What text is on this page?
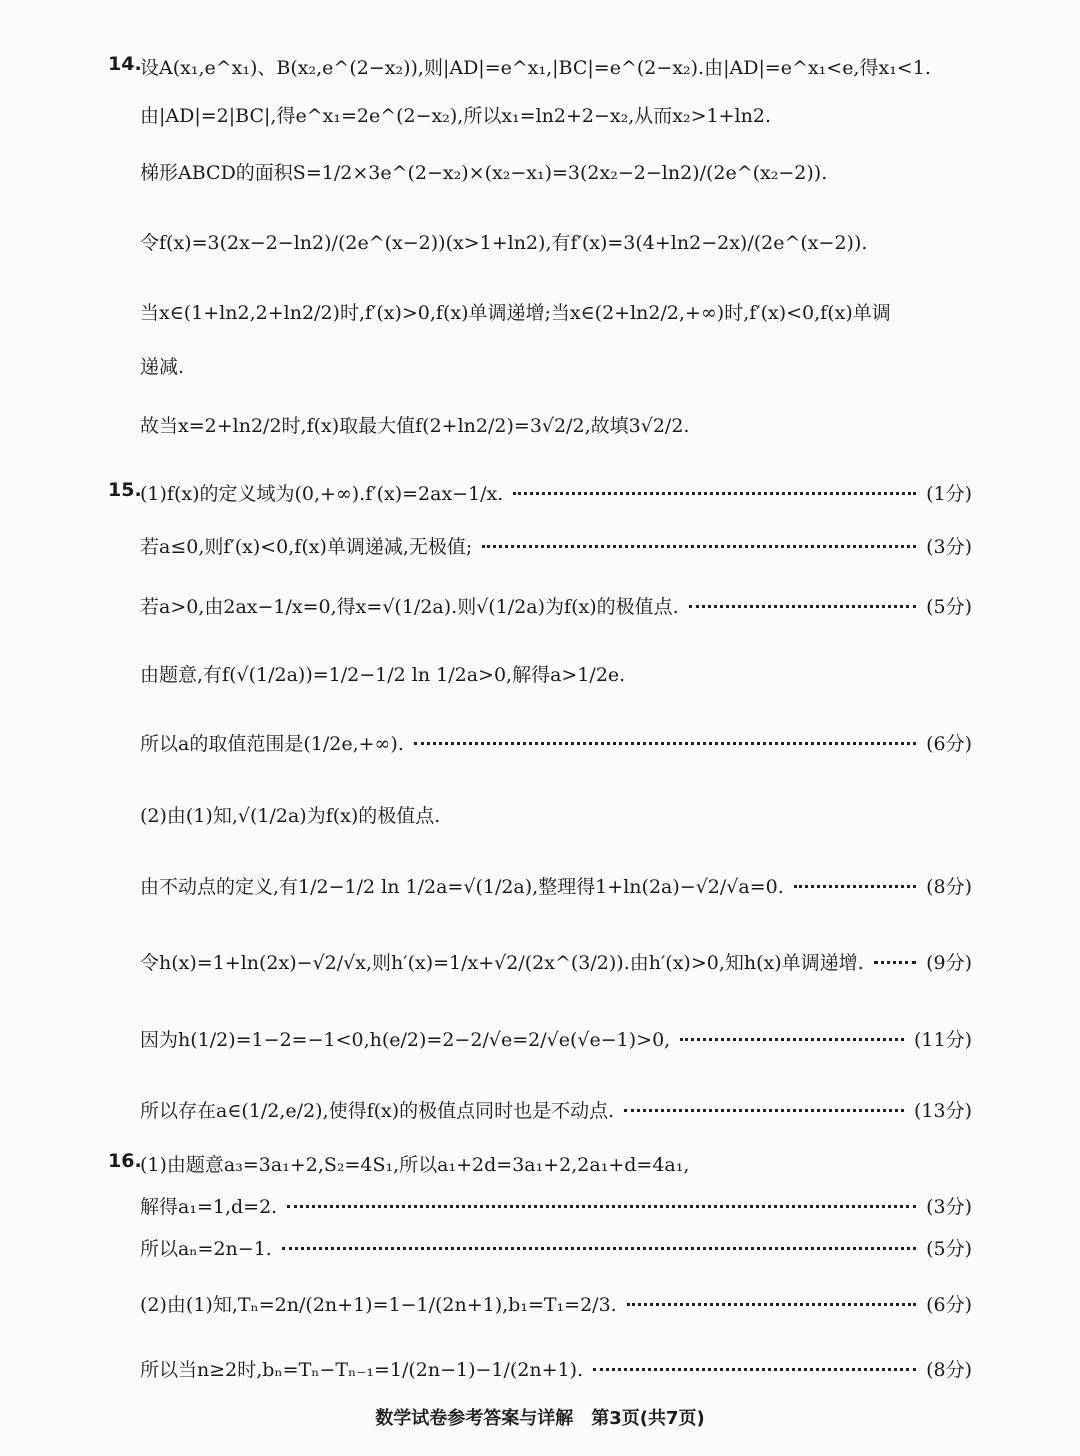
14.
设A(x₁,e^x₁)、B(x₂,e^(2−x₂)),则|AD|=e^x₁,|BC|=e^(2−x₂).由|AD|=e^x₁<e,得x₁<1.
由|AD|=2|BC|,得e^x₁=2e^(2−x₂),所以x₁=ln2+2−x₂,从而x₂>1+ln2.
梯形ABCD的面积S=1/2×3e^(2−x₂)×(x₂−x₁)=3(2x₂−2−ln2)/(2e^(x₂−2)).
令f(x)=3(2x−2−ln2)/(2e^(x−2))(x>1+ln2),有f′(x)=3(4+ln2−2x)/(2e^(x−2)).
当x∈(1+ln2,2+ln2/2)时,f′(x)>0,f(x)单调递增;当x∈(2+ln2/2,+∞)时,f′(x)<0,f(x)单调
递减.
故当x=2+ln2/2时,f(x)取最大值f(2+ln2/2)=3√2/2,故填3√2/2.
15.
(1)f(x)的定义域为(0,+∞).f′(x)=2ax−1/x.	(1分)
若a≤0,则f′(x)<0,f(x)单调递减,无极值;	(3分)
若a>0,由2ax−1/x=0,得x=√(1/2a).则√(1/2a)为f(x)的极值点.	(5分)
由题意,有f(√(1/2a))=1/2−1/2 ln 1/2a>0,解得a>1/2e.
所以a的取值范围是(1/2e,+∞).	(6分)
(2)由(1)知,√(1/2a)为f(x)的极值点.
由不动点的定义,有1/2−1/2 ln 1/2a=√(1/2a),整理得1+ln(2a)−√2/√a=0.	(8分)
令h(x)=1+ln(2x)−√2/√x,则h′(x)=1/x+√2/(2x^(3/2)).由h′(x)>0,知h(x)单调递增.	(9分)
因为h(1/2)=1−2=−1<0,h(e/2)=2−2/√e=2/√e(√e−1)>0,	(11分)
所以存在a∈(1/2,e/2),使得f(x)的极值点同时也是不动点.	(13分)
16.
(1)由题意a₃=3a₁+2,S₂=4S₁,所以a₁+2d=3a₁+2,2a₁+d=4a₁,
解得a₁=1,d=2.	(3分)
所以aₙ=2n−1.	(5分)
(2)由(1)知,Tₙ=2n/(2n+1)=1−1/(2n+1),b₁=T₁=2/3.	(6分)
所以当n≥2时,bₙ=Tₙ−Tₙ₋₁=1/(2n−1)−1/(2n+1).	(8分)
数学试卷参考答案与详解　第3页(共7页)
